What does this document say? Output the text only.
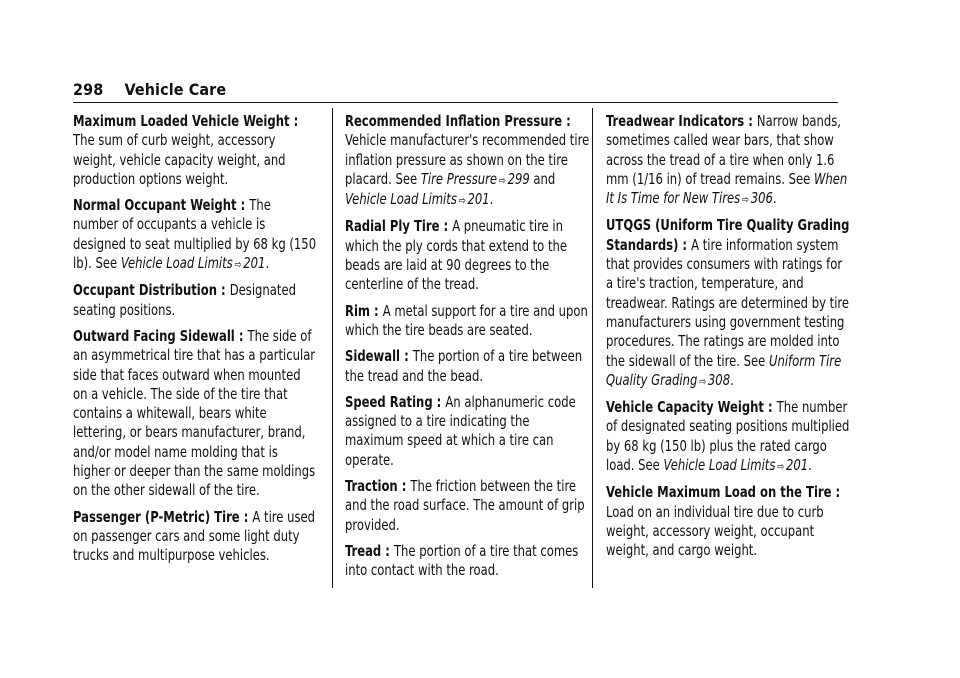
298 Vehicle Care

Maximum Loaded Vehicle Weight : The sum of curb weight, accessory weight, vehicle capacity weight, and production options weight.

Normal Occupant Weight : The number of occupants a vehicle is designed to seat multiplied by 68 kg (150 lb). See Vehicle Load Limits ⇨ 201.

Occupant Distribution : Designated seating positions.

Outward Facing Sidewall : The side of an asymmetrical tire that has a particular side that faces outward when mounted on a vehicle. The side of the tire that contains a whitewall, bears white lettering, or bears manufacturer, brand, and/or model name molding that is higher or deeper than the same moldings on the other sidewall of the tire.

Passenger (P-Metric) Tire : A tire used on passenger cars and some light duty trucks and multipurpose vehicles.

Recommended Inflation Pressure : Vehicle manufacturer's recommended tire inflation pressure as shown on the tire placard. See Tire Pressure ⇨ 299 and Vehicle Load Limits ⇨ 201.

Radial Ply Tire : A pneumatic tire in which the ply cords that extend to the beads are laid at 90 degrees to the centerline of the tread.

Rim : A metal support for a tire and upon which the tire beads are seated.

Sidewall : The portion of a tire between the tread and the bead.

Speed Rating : An alphanumeric code assigned to a tire indicating the maximum speed at which a tire can operate.

Traction : The friction between the tire and the road surface. The amount of grip provided.

Tread : The portion of a tire that comes into contact with the road.

Treadwear Indicators : Narrow bands, sometimes called wear bars, that show across the tread of a tire when only 1.6 mm (1/16 in) of tread remains. See When It Is Time for New Tires ⇨ 306.

UTQGS (Uniform Tire Quality Grading Standards) : A tire information system that provides consumers with ratings for a tire's traction, temperature, and treadwear. Ratings are determined by tire manufacturers using government testing procedures. The ratings are molded into the sidewall of the tire. See Uniform Tire Quality Grading ⇨ 308.

Vehicle Capacity Weight : The number of designated seating positions multiplied by 68 kg (150 lb) plus the rated cargo load. See Vehicle Load Limits ⇨ 201.

Vehicle Maximum Load on the Tire : Load on an individual tire due to curb weight, accessory weight, occupant weight, and cargo weight.
